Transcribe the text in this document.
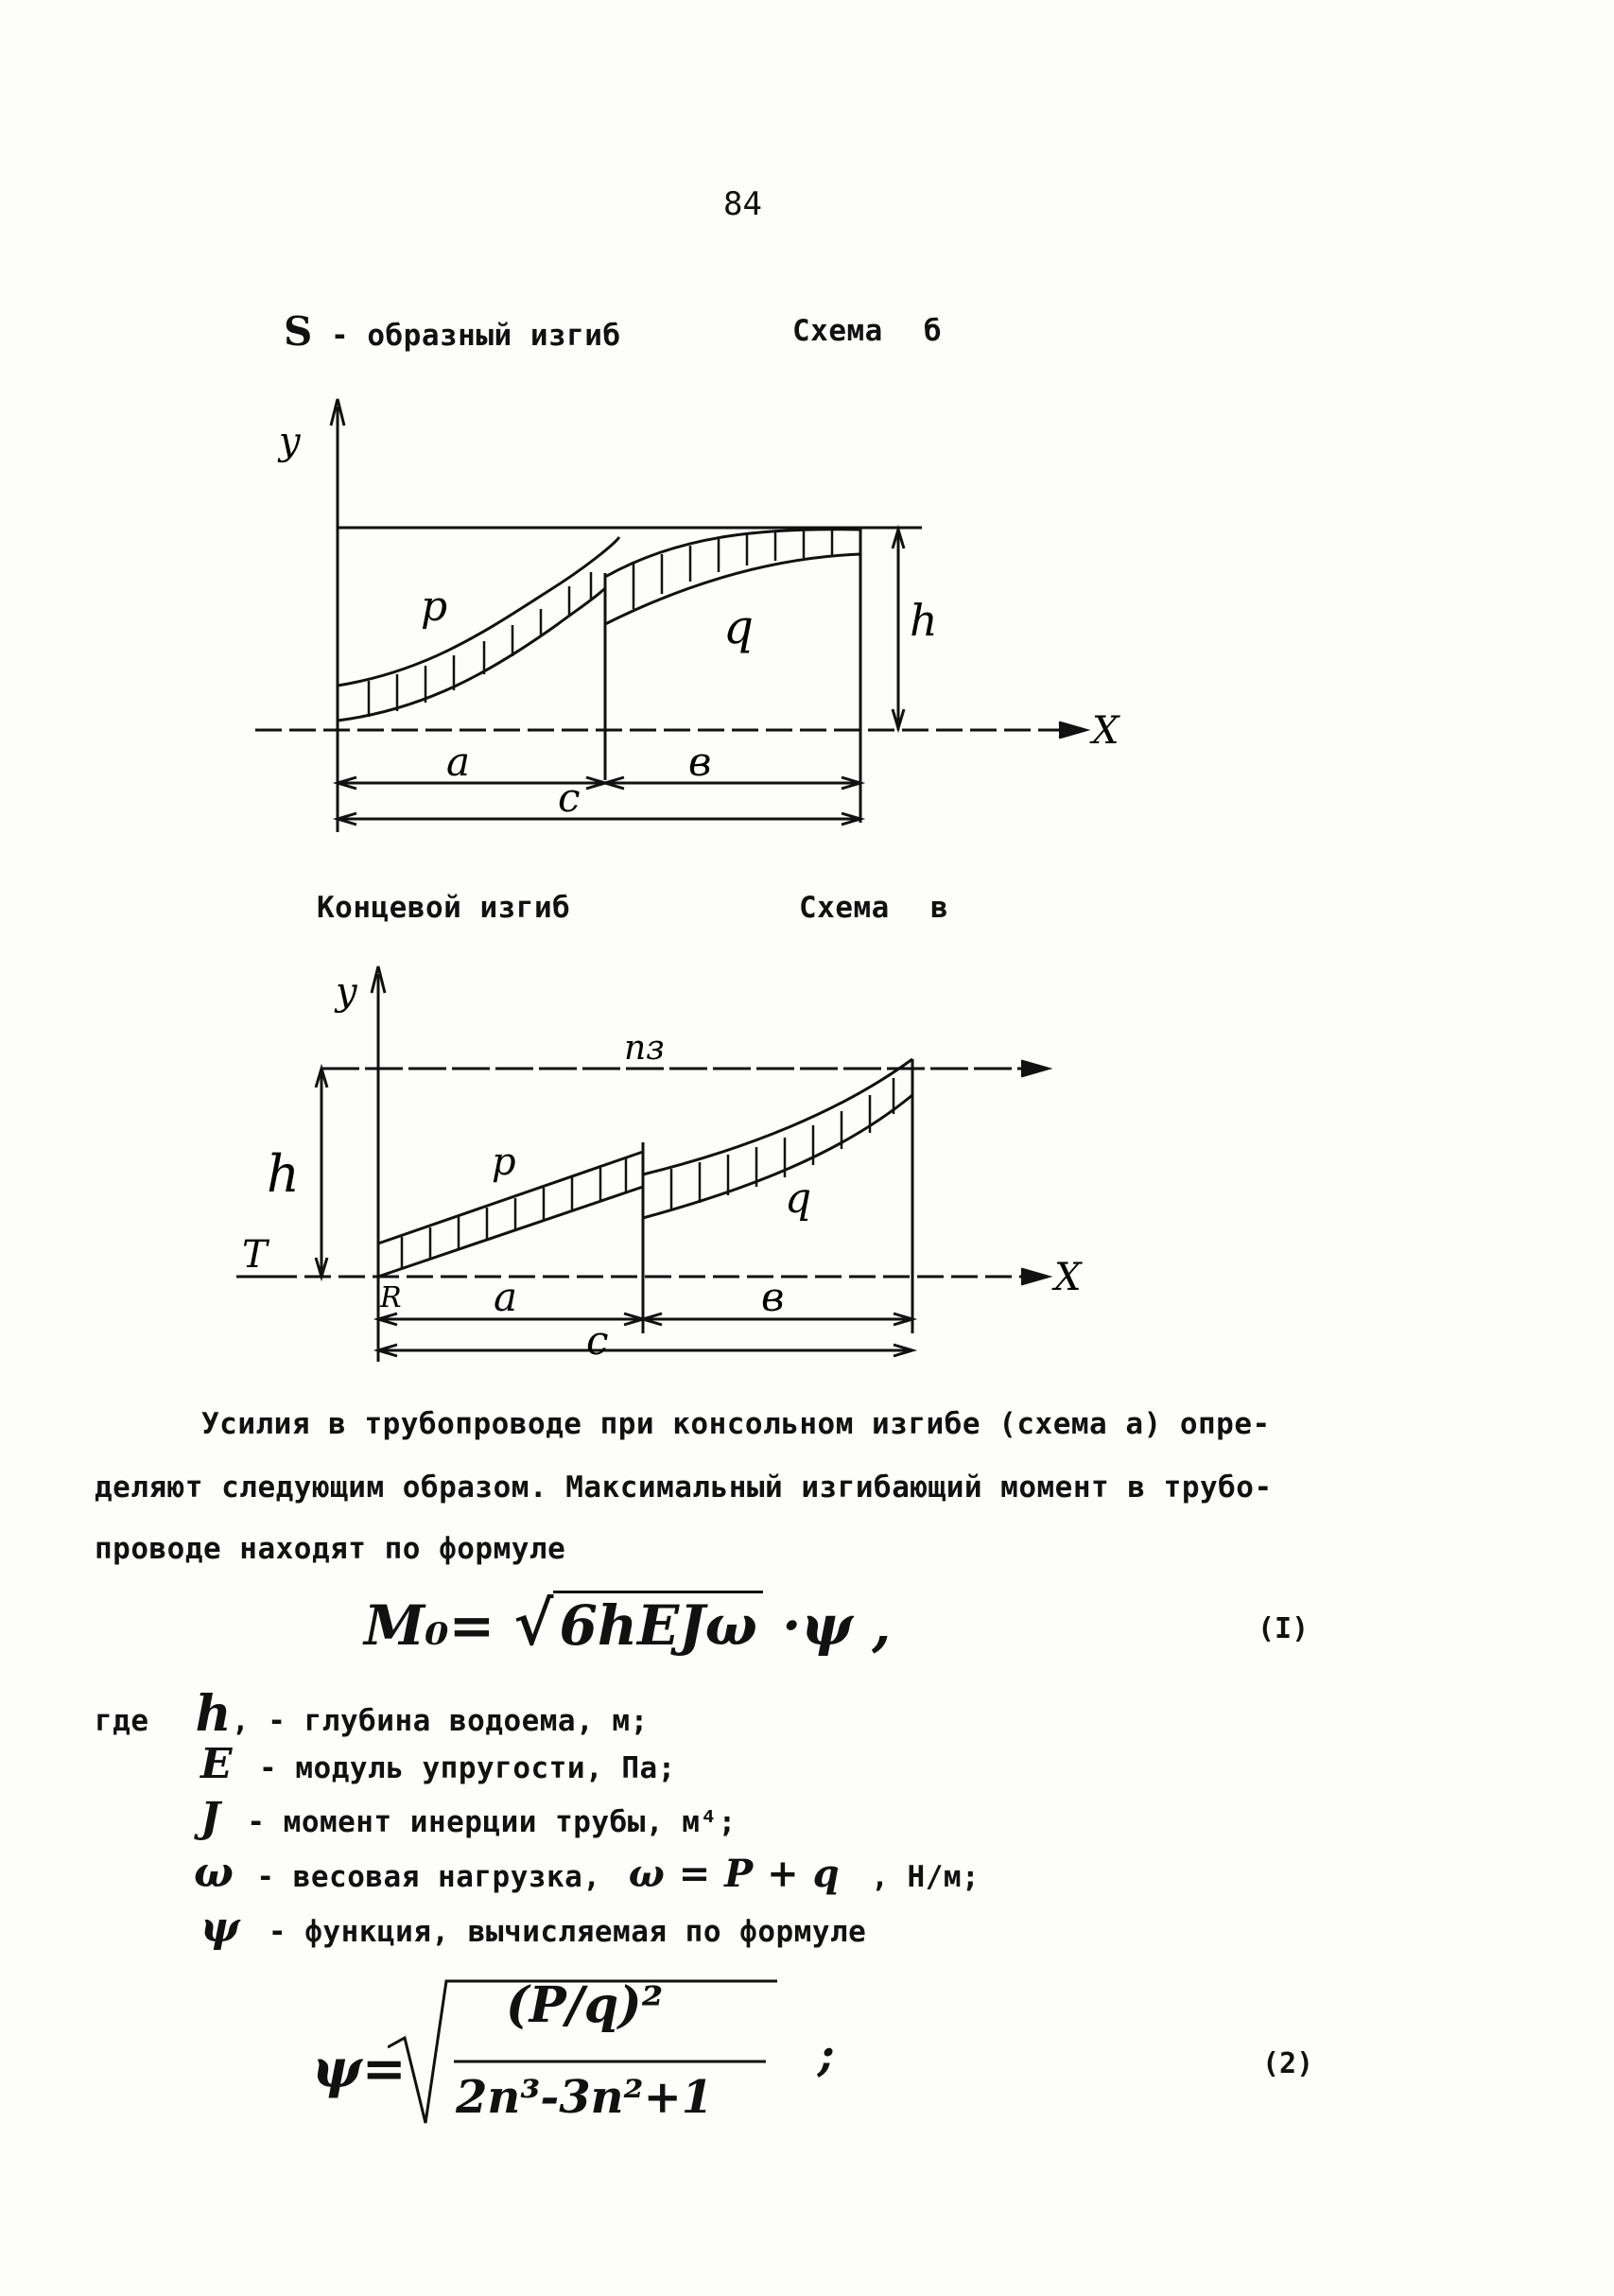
84
S - образный изгиб	Схема б
y
X
p	q	h
a	в
c
Концевой изгиб	Схема в
y
X
nз
h
T
R
p
q
a	в
c
Усилия в трубопроводе при консольном изгибе (схема а) опре-
деляют следующим образом. Максимальный изгибающий момент в трубо-
проводе находят по формуле
M₀= √ 6hEJω ·ψ ,	(I)
где h, - глубина водоема, м;
E - модуль упругости, Па;
J - момент инерции трубы, м⁴;
ω - весовая нагрузка, ω = P + q , Н/м;
ψ - функция, вычисляемая по формуле
ψ=
(P/q)²
2n³-3n²+1
;	(2)
